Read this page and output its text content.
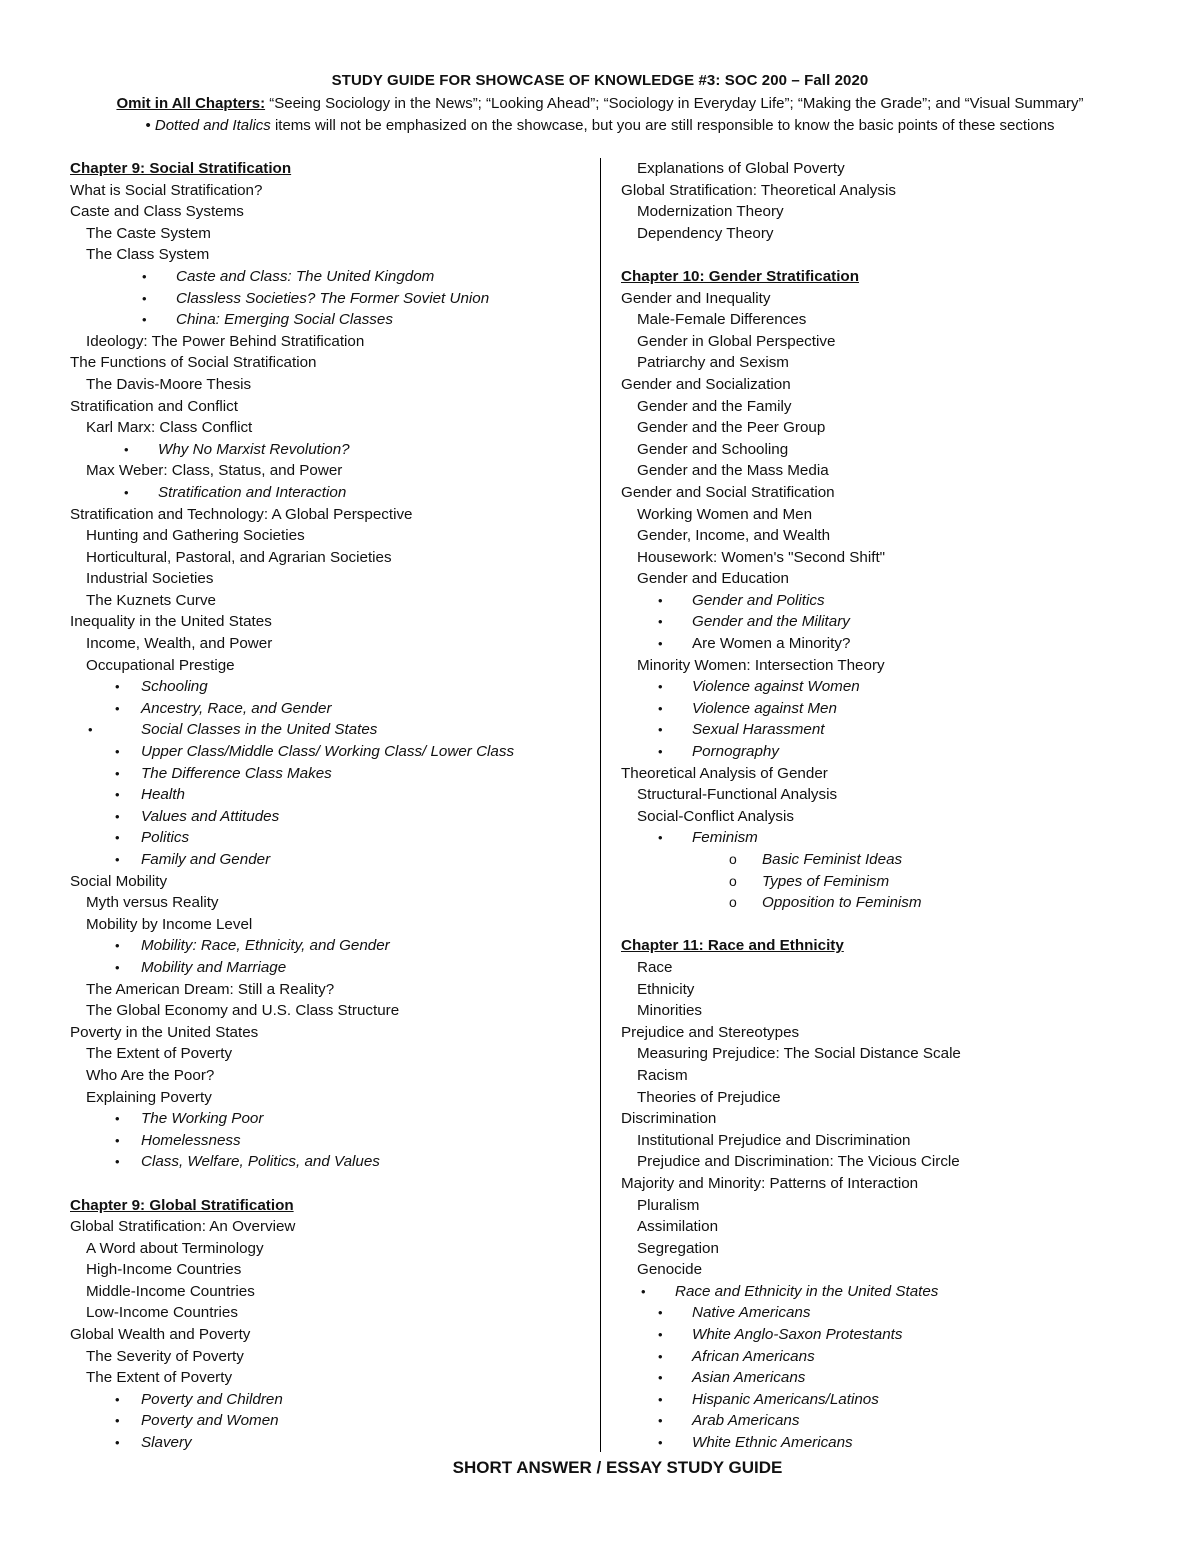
STUDY GUIDE FOR SHOWCASE OF KNOWLEDGE #3: SOC 200 – Fall 2020
Omit in All Chapters: “Seeing Sociology in the News”; “Looking Ahead”; “Sociology in Everyday Life”; “Making the Grade”; and “Visual Summary”
• Dotted and Italics items will not be emphasized on the showcase, but you are still responsible to know the basic points of these sections
Chapter 9: Social Stratification
What is Social Stratification?
Caste and Class Systems
The Caste System
The Class System
• Caste and Class: The United Kingdom
• Classless Societies? The Former Soviet Union
• China: Emerging Social Classes
Ideology: The Power Behind Stratification
The Functions of Social Stratification
The Davis-Moore Thesis
Stratification and Conflict
Karl Marx: Class Conflict
• Why No Marxist Revolution?
Max Weber: Class, Status, and Power
• Stratification and Interaction
Stratification and Technology: A Global Perspective
Hunting and Gathering Societies
Horticultural, Pastoral, and Agrarian Societies
Industrial Societies
The Kuznets Curve
Inequality in the United States
Income, Wealth, and Power
Occupational Prestige
• Schooling
• Ancestry, Race, and Gender
•	Social Classes in the United States
• Upper Class/Middle Class/ Working Class/ Lower Class
• The Difference Class Makes
• Health
• Values and Attitudes
• Politics
• Family and Gender
Social Mobility
Myth versus Reality
Mobility by Income Level
• Mobility: Race, Ethnicity, and Gender
• Mobility and Marriage
The American Dream: Still a Reality?
The Global Economy and U.S. Class Structure
Poverty in the United States
The Extent of Poverty
Who Are the Poor?
Explaining Poverty
• The Working Poor
• Homelessness
• Class, Welfare, Politics, and Values
Chapter 9: Global Stratification
Global Stratification: An Overview
A Word about Terminology
High-Income Countries
Middle-Income Countries
Low-Income Countries
Global Wealth and Poverty
The Severity of Poverty
The Extent of Poverty
• Poverty and Children
• Poverty and Women
• Slavery
Explanations of Global Poverty
Global Stratification: Theoretical Analysis
Modernization Theory
Dependency Theory
Chapter 10: Gender Stratification
Gender and Inequality
Male-Female Differences
Gender in Global Perspective
Patriarchy and Sexism
Gender and Socialization
Gender and the Family
Gender and the Peer Group
Gender and Schooling
Gender and the Mass Media
Gender and Social Stratification
Working Women and Men
Gender, Income, and Wealth
Housework: Women's "Second Shift"
Gender and Education
• Gender and Politics
• Gender and the Military
• Are Women a Minority?
Minority Women: Intersection Theory
• Violence against Women
• Violence against Men
• Sexual Harassment
• Pornography
Theoretical Analysis of Gender
Structural-Functional Analysis
Social-Conflict Analysis
• Feminism
o Basic Feminist Ideas
o Types of Feminism
o Opposition to Feminism
Chapter 11: Race and Ethnicity
Race
Ethnicity
Minorities
Prejudice and Stereotypes
Measuring Prejudice: The Social Distance Scale
Racism
Theories of Prejudice
Discrimination
Institutional Prejudice and Discrimination
Prejudice and Discrimination: The Vicious Circle
Majority and Minority: Patterns of Interaction
Pluralism
Assimilation
Segregation
Genocide
• Race and Ethnicity in the United States
• Native Americans
• White Anglo-Saxon Protestants
• African Americans
• Asian Americans
• Hispanic Americans/Latinos
• Arab Americans
• White Ethnic Americans
SHORT ANSWER / ESSAY STUDY GUIDE
